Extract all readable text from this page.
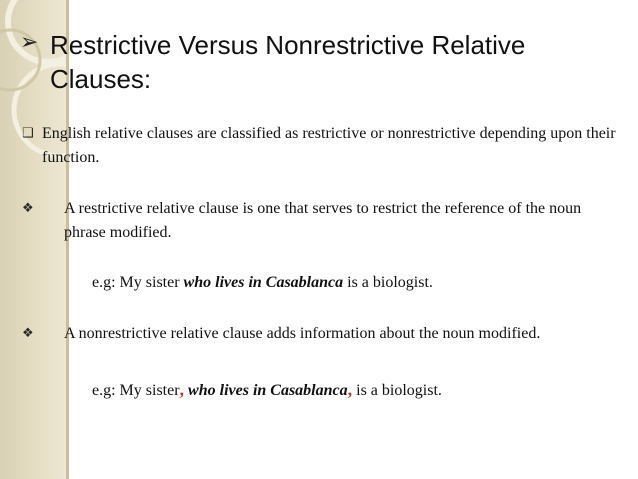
➢ Restrictive Versus Nonrestrictive Relative
Clauses:
❑ English relative clauses are classified as restrictive or nonrestrictive depending upon their function.
❖	A restrictive relative clause is one that serves to restrict the reference of the noun phrase modified.
e.g: My sister who lives in Casablanca is a biologist.
❖	A nonrestrictive relative clause adds information about the noun modified.
e.g: My sister, who lives in Casablanca, is a biologist.
